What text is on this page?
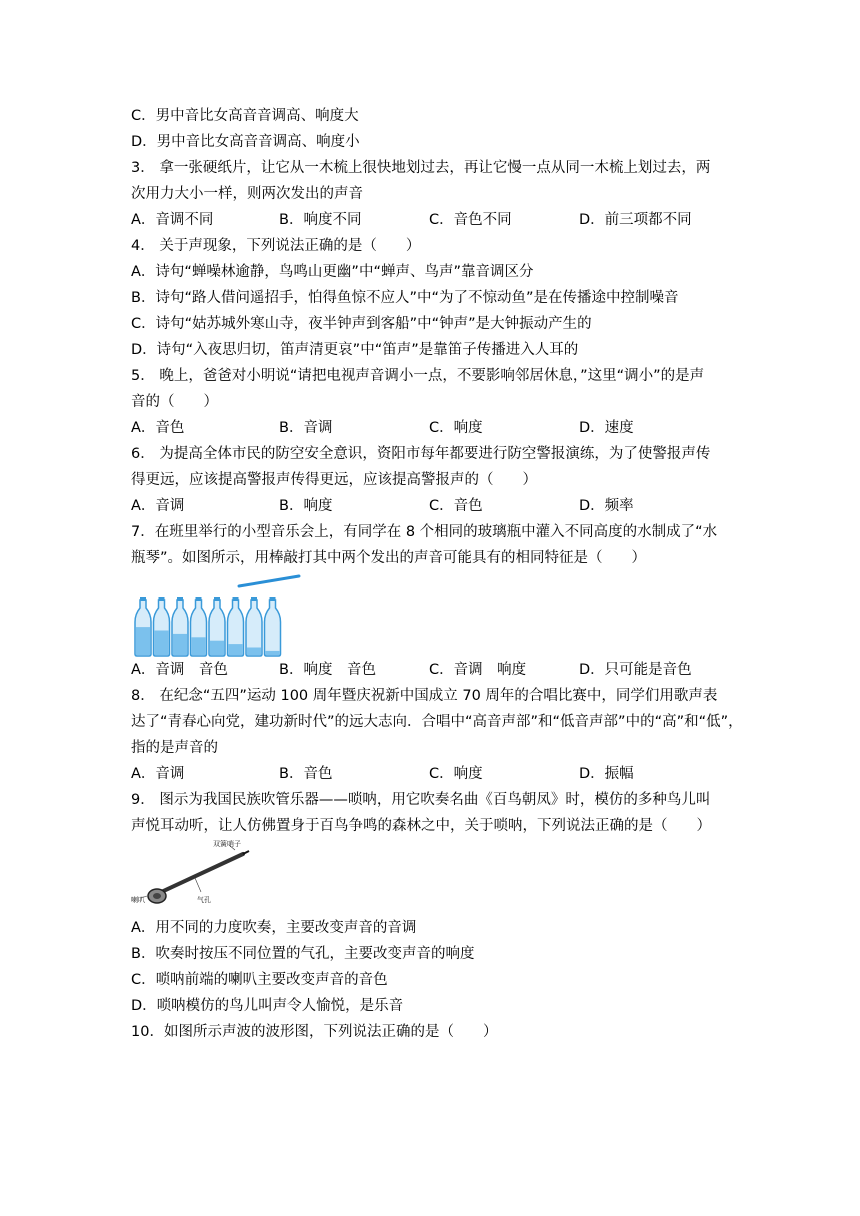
C．男中音比女高音音调高、响度大
D．男中音比女高音音调高、响度小
3． 拿一张硬纸片，让它从一木梳上很快地划过去，再让它慢一点从同一木梳上划过去，两
次用力大小一样，则两次发出的声音
A．音调不同	B．响度不同	C．音色不同	D．前三项都不同
4． 关于声现象，下列说法正确的是（　　）
A．诗句“蝉噪林逾静，鸟鸣山更幽”中“蝉声、鸟声”靠音调区分
B．诗句“路人借问遥招手，怕得鱼惊不应人”中“为了不惊动鱼”是在传播途中控制噪音
C．诗句“姑苏城外寒山寺，夜半钟声到客船”中“钟声”是大钟振动产生的
D．诗句“入夜思归切，笛声清更哀”中“笛声”是靠笛子传播进入人耳的
5． 晚上，爸爸对小明说“请把电视声音调小一点，不要影响邻居休息，”这里“调小”的是声
音的（　　）
A．音色	B．音调	C．响度	D．速度
6． 为提高全体市民的防空安全意识，资阳市每年都要进行防空警报演练，为了使警报声传
得更远，应该提高警报声传得更远，应该提高警报声的（　　）
A．音调	B．响度	C．音色	D．频率
7．在班里举行的小型音乐会上，有同学在 8 个相同的玻璃瓶中灌入不同高度的水制成了“水
瓶琴”。如图所示，用棒敲打其中两个发出的声音可能具有的相同特征是（　　）
A．音调　音色	B．响度　音色	C．音调　响度	D．只可能是音色
8． 在纪念“五四”运动 100 周年暨庆祝新中国成立 70 周年的合唱比赛中，同学们用歌声表
达了“青春心向党，建功新时代”的远大志向．合唱中“高音声部”和“低音声部”中的“高”和“低”，
指的是声音的
A．音调	B．音色	C．响度	D．振幅
9． 图示为我国民族吹管乐器——唢呐，用它吹奏名曲《百鸟朝凤》时，模仿的多种鸟儿叫
声悦耳动听，让人仿佛置身于百鸟争鸣的森林之中，关于唢呐，下列说法正确的是（　　）
双簧哨子
喇叭	气孔
A．用不同的力度吹奏，主要改变声音的音调
B．吹奏时按压不同位置的气孔，主要改变声音的响度
C．唢呐前端的喇叭主要改变声音的音色
D．唢呐模仿的鸟儿叫声令人愉悦，是乐音
10．如图所示声波的波形图，下列说法正确的是（　　）
